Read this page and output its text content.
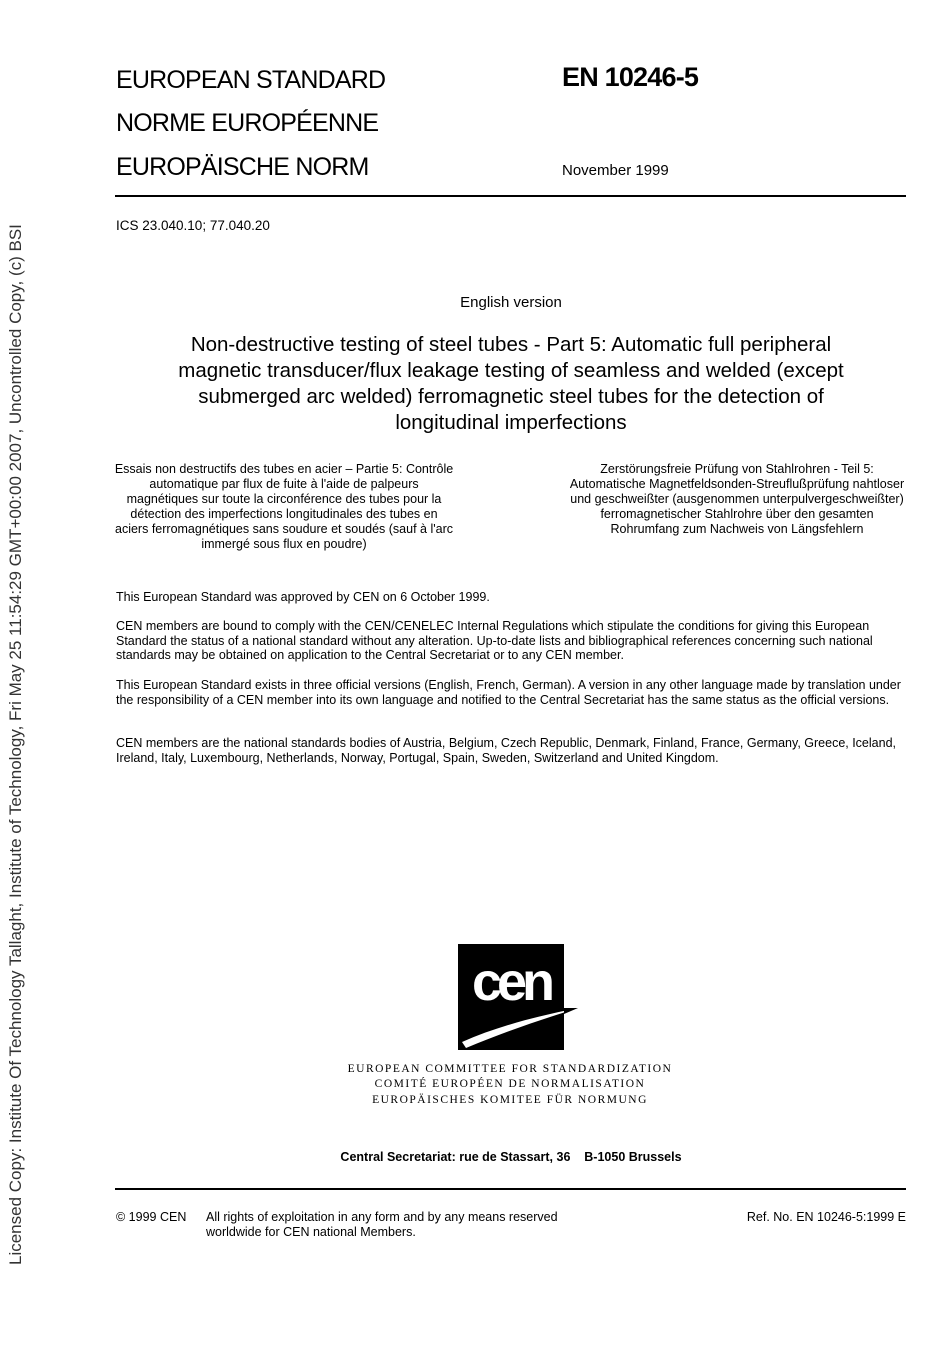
Licensed Copy: Institute Of Technology Tallaght, Institute of Technology, Fri May 25 11:54:29 GMT+00:00 2007, Uncontrolled Copy, (c) BSI
EUROPEAN STANDARD
NORME EUROPÉENNE
EUROPÄISCHE NORM
EN 10246-5
November 1999
ICS 23.040.10; 77.040.20
English version
Non-destructive testing of steel tubes - Part 5: Automatic full peripheral magnetic transducer/flux leakage testing of seamless and welded (except submerged arc welded) ferromagnetic steel tubes for the detection of longitudinal imperfections
Essais non destructifs des tubes en acier – Partie 5: Contrôle automatique par flux de fuite à l'aide de palpeurs magnétiques sur toute la circonférence des tubes pour la détection des imperfections longitudinales des tubes en aciers ferromagnétiques sans soudure et soudés (sauf à l'arc immergé sous flux en poudre)
Zerstörungsfreie Prüfung von Stahlrohren - Teil 5: Automatische Magnetfeldsonden-Streuflußprüfung nahtloser und geschweißter (ausgenommen unterpulvergeschweißter) ferromagnetischer Stahlrohre über den gesamten Rohrumfang zum Nachweis von Längsfehlern
This European Standard was approved by CEN on 6 October 1999.
CEN members are bound to comply with the CEN/CENELEC Internal Regulations which stipulate the conditions for giving this European Standard the status of a national standard without any alteration. Up-to-date lists and bibliographical references concerning such national standards may be obtained on application to the Central Secretariat or to any CEN member.
This European Standard exists in three official versions (English, French, German). A version in any other language made by translation under the responsibility of a CEN member into its own language and notified to the Central Secretariat has the same status as the official versions.
CEN members are the national standards bodies of Austria, Belgium, Czech Republic, Denmark, Finland, France, Germany, Greece, Iceland, Ireland, Italy, Luxembourg, Netherlands, Norway, Portugal, Spain, Sweden, Switzerland and United Kingdom.
cen
EUROPEAN COMMITTEE FOR STANDARDIZATION
COMITÉ EUROPÉEN DE NORMALISATION
EUROPÄISCHES KOMITEE FÜR NORMUNG
Central Secretariat: rue de Stassart, 36    B-1050 Brussels
© 1999 CEN All rights of exploitation in any form and by any means reserved worldwide for CEN national Members.
Ref. No. EN 10246-5:1999 E
